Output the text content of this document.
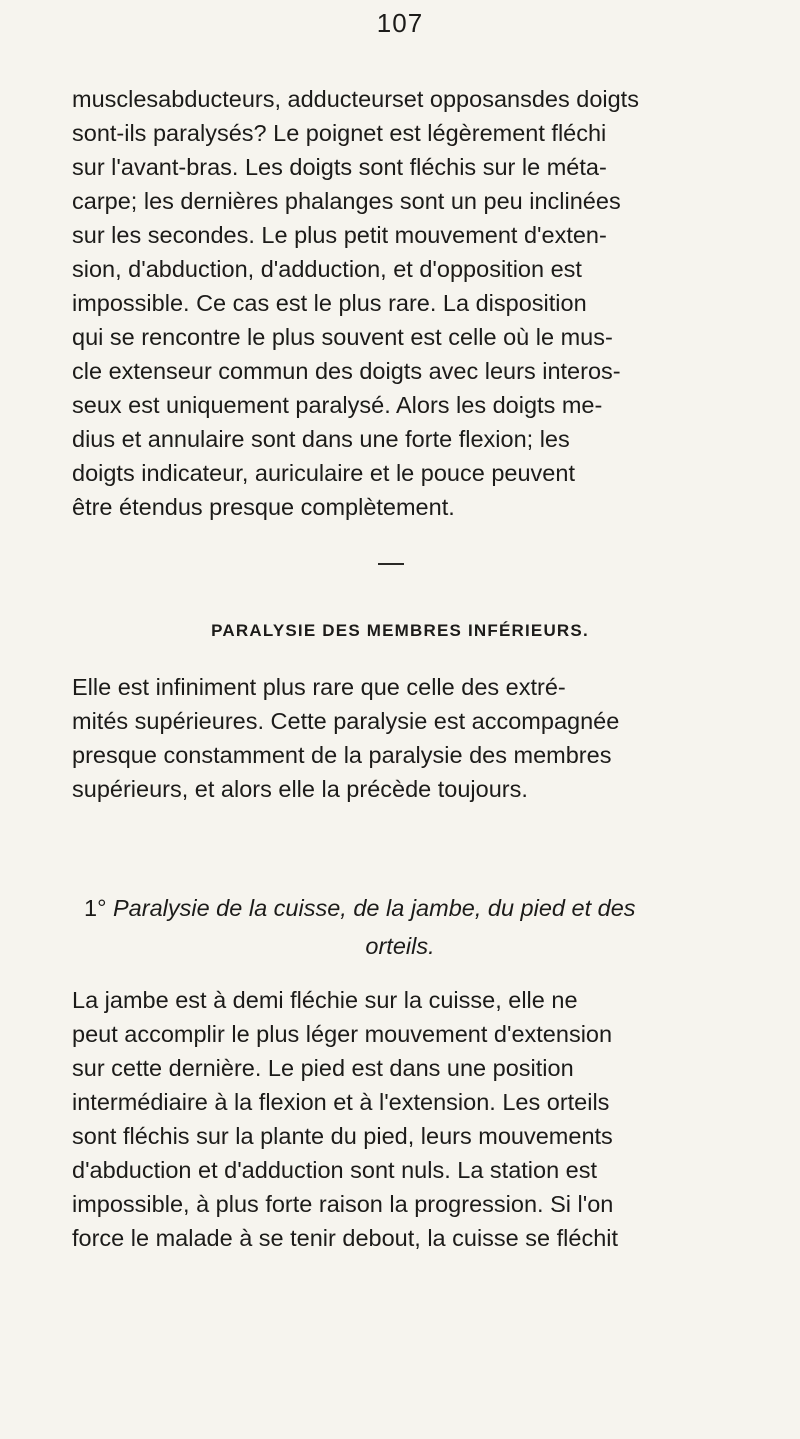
107
musclesabducteurs, adducteurset opposansdes doigts
sont-ils paralysés? Le poignet est légèrement fléchi
sur l'avant-bras. Les doigts sont fléchis sur le méta-
carpe; les dernières phalanges sont un peu inclinées
sur les secondes. Le plus petit mouvement d'exten-
sion, d'abduction, d'adduction, et d'opposition est
impossible. Ce cas est le plus rare. La disposition
qui se rencontre le plus souvent est celle où le mus-
cle extenseur commun des doigts avec leurs interos-
seux est uniquement paralysé. Alors les doigts me-
dius et annulaire sont dans une forte flexion; les
doigts indicateur, auriculaire et le pouce peuvent
être étendus presque complètement.
PARALYSIE DES MEMBRES INFÉRIEURS.
Elle est infiniment plus rare que celle des extré-
mités supérieures. Cette paralysie est accompagnée
presque constamment de la paralysie des membres
supérieurs, et alors elle la précède toujours.
1° Paralysie de la cuisse, de la jambe, du pied et des
orteils.
La jambe est à demi fléchie sur la cuisse, elle ne
peut accomplir le plus léger mouvement d'extension
sur cette dernière. Le pied est dans une position
intermédiaire à la flexion et à l'extension. Les orteils
sont fléchis sur la plante du pied, leurs mouvements
d'abduction et d'adduction sont nuls. La station est
impossible, à plus forte raison la progression. Si l'on
force le malade à se tenir debout, la cuisse se fléchit
